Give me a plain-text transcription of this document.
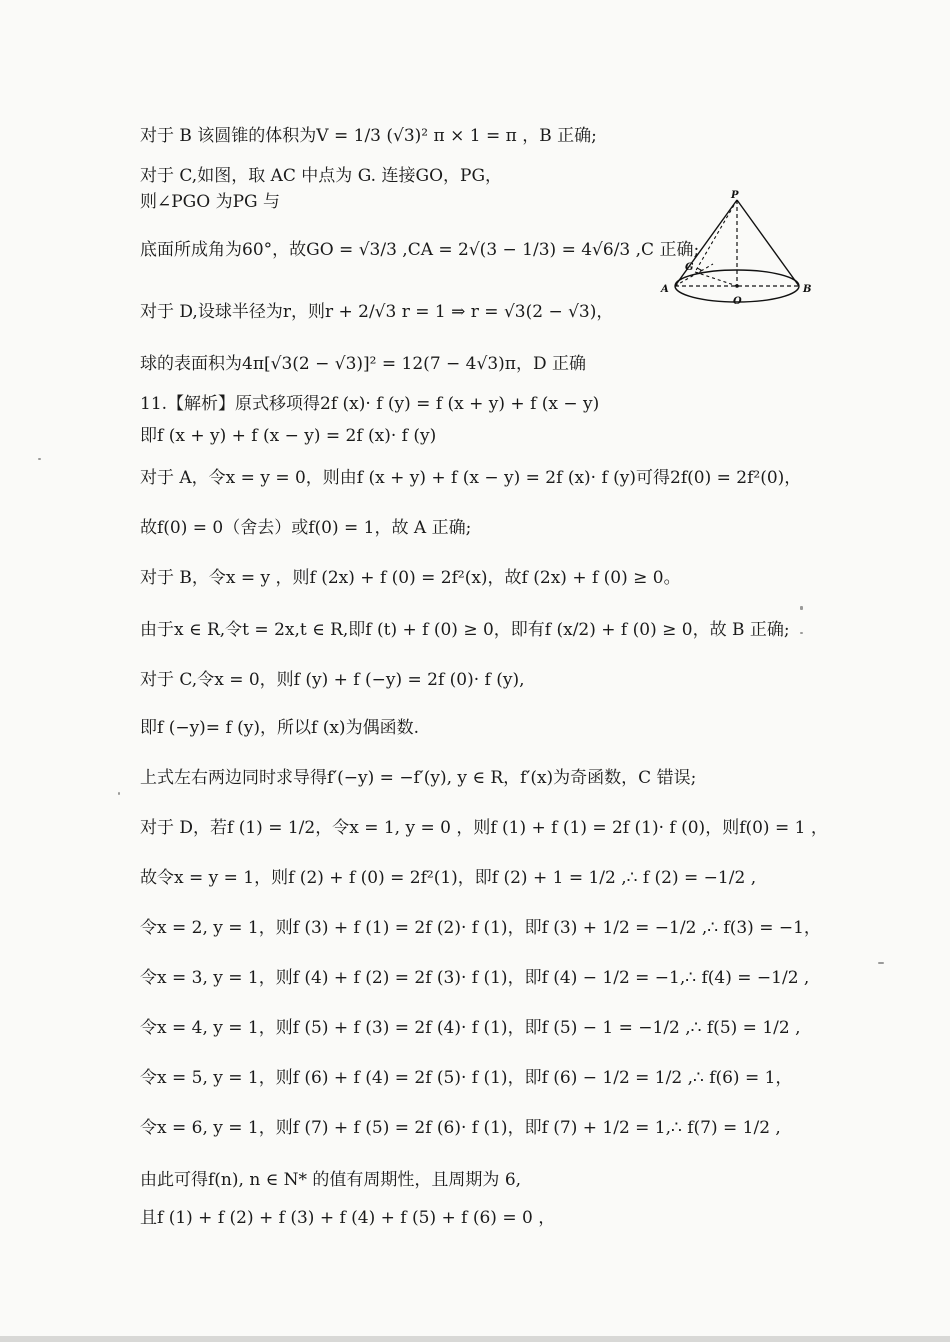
对于 B 该圆锥的体积为V = 1/3 (√3)² π × 1 = π ，B 正确;
对于 C,如图，取 AC 中点为 G. 连接GO，PG，
则∠PGO 为PG 与
底面所成角为60°，故GO = √3/3 ,CA = 2√(3 − 1/3) = 4√6/3 ,C 正确;
对于 D,设球半径为r，则r + 2/√3 r = 1 ⇒ r = √3(2 − √3)，
球的表面积为4π[√3(2 − √3)]² = 12(7 − 4√3)π，D 正确
11.【解析】原式移项得2f (x)· f (y) = f (x + y) + f (x − y)
即f (x + y) + f (x − y) = 2f (x)· f (y)
对于 A，令x = y = 0，则由f (x + y) + f (x − y) = 2f (x)· f (y)可得2f(0) = 2f²(0)，
故f(0) = 0（舍去）或f(0) = 1，故 A 正确;
对于 B，令x = y ，则f (2x) + f (0) = 2f²(x)，故f (2x) + f (0) ≥ 0。
由于x ∈ R,令t = 2x,t ∈ R,即f (t) + f (0) ≥ 0，即有f (x/2) + f (0) ≥ 0，故 B 正确;
对于 C,令x = 0，则f (y) + f (−y) = 2f (0)· f (y),
即f (−y)= f (y)，所以f (x)为偶函数.
上式左右两边同时求导得f′(−y) = −f′(y), y ∈ R，f′(x)为奇函数，C 错误;
对于 D，若f (1) = 1/2，令x = 1, y = 0 ，则f (1) + f (1) = 2f (1)· f (0)，则f(0) = 1 ，
故令x = y = 1，则f (2) + f (0) = 2f²(1)，即f (2) + 1 = 1/2 ,∴ f (2) = −1/2 ,
令x = 2, y = 1，则f (3) + f (1) = 2f (2)· f (1)，即f (3) + 1/2 = −1/2 ,∴ f(3) = −1，
令x = 3, y = 1，则f (4) + f (2) = 2f (3)· f (1)，即f (4) − 1/2 = −1,∴ f(4) = −1/2 ,
令x = 4, y = 1，则f (5) + f (3) = 2f (4)· f (1)，即f (5) − 1 = −1/2 ,∴ f(5) = 1/2 ,
令x = 5, y = 1，则f (6) + f (4) = 2f (5)· f (1)，即f (6) − 1/2 = 1/2 ,∴ f(6) = 1，
令x = 6, y = 1，则f (7) + f (5) = 2f (6)· f (1)，即f (7) + 1/2 = 1,∴ f(7) = 1/2 ,
由此可得f(n), n ∈ N* 的值有周期性，且周期为 6,
且f (1) + f (2) + f (3) + f (4) + f (5) + f (6) = 0 ，
P
G
A
O
B
